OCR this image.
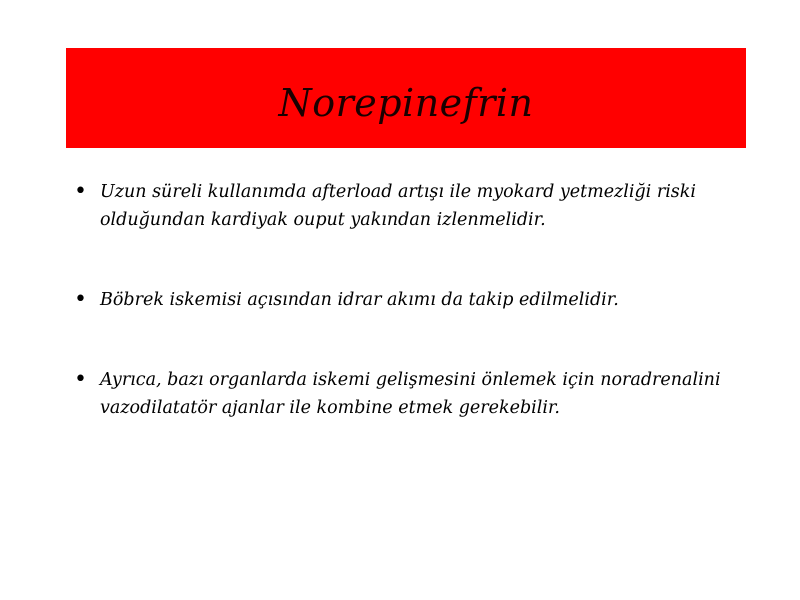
Norepinefrin
• Uzun süreli kullanımda afterload artışı ile myokard yetmezliği riski olduğundan kardiyak ouput yakından izlenmelidir.
• Böbrek iskemisi açısından idrar akımı da takip edilmelidir.
• Ayrıca, bazı organlarda iskemi gelişmesini önlemek için noradrenalini vazodilatatör ajanlar ile kombine etmek gerekebilir.
